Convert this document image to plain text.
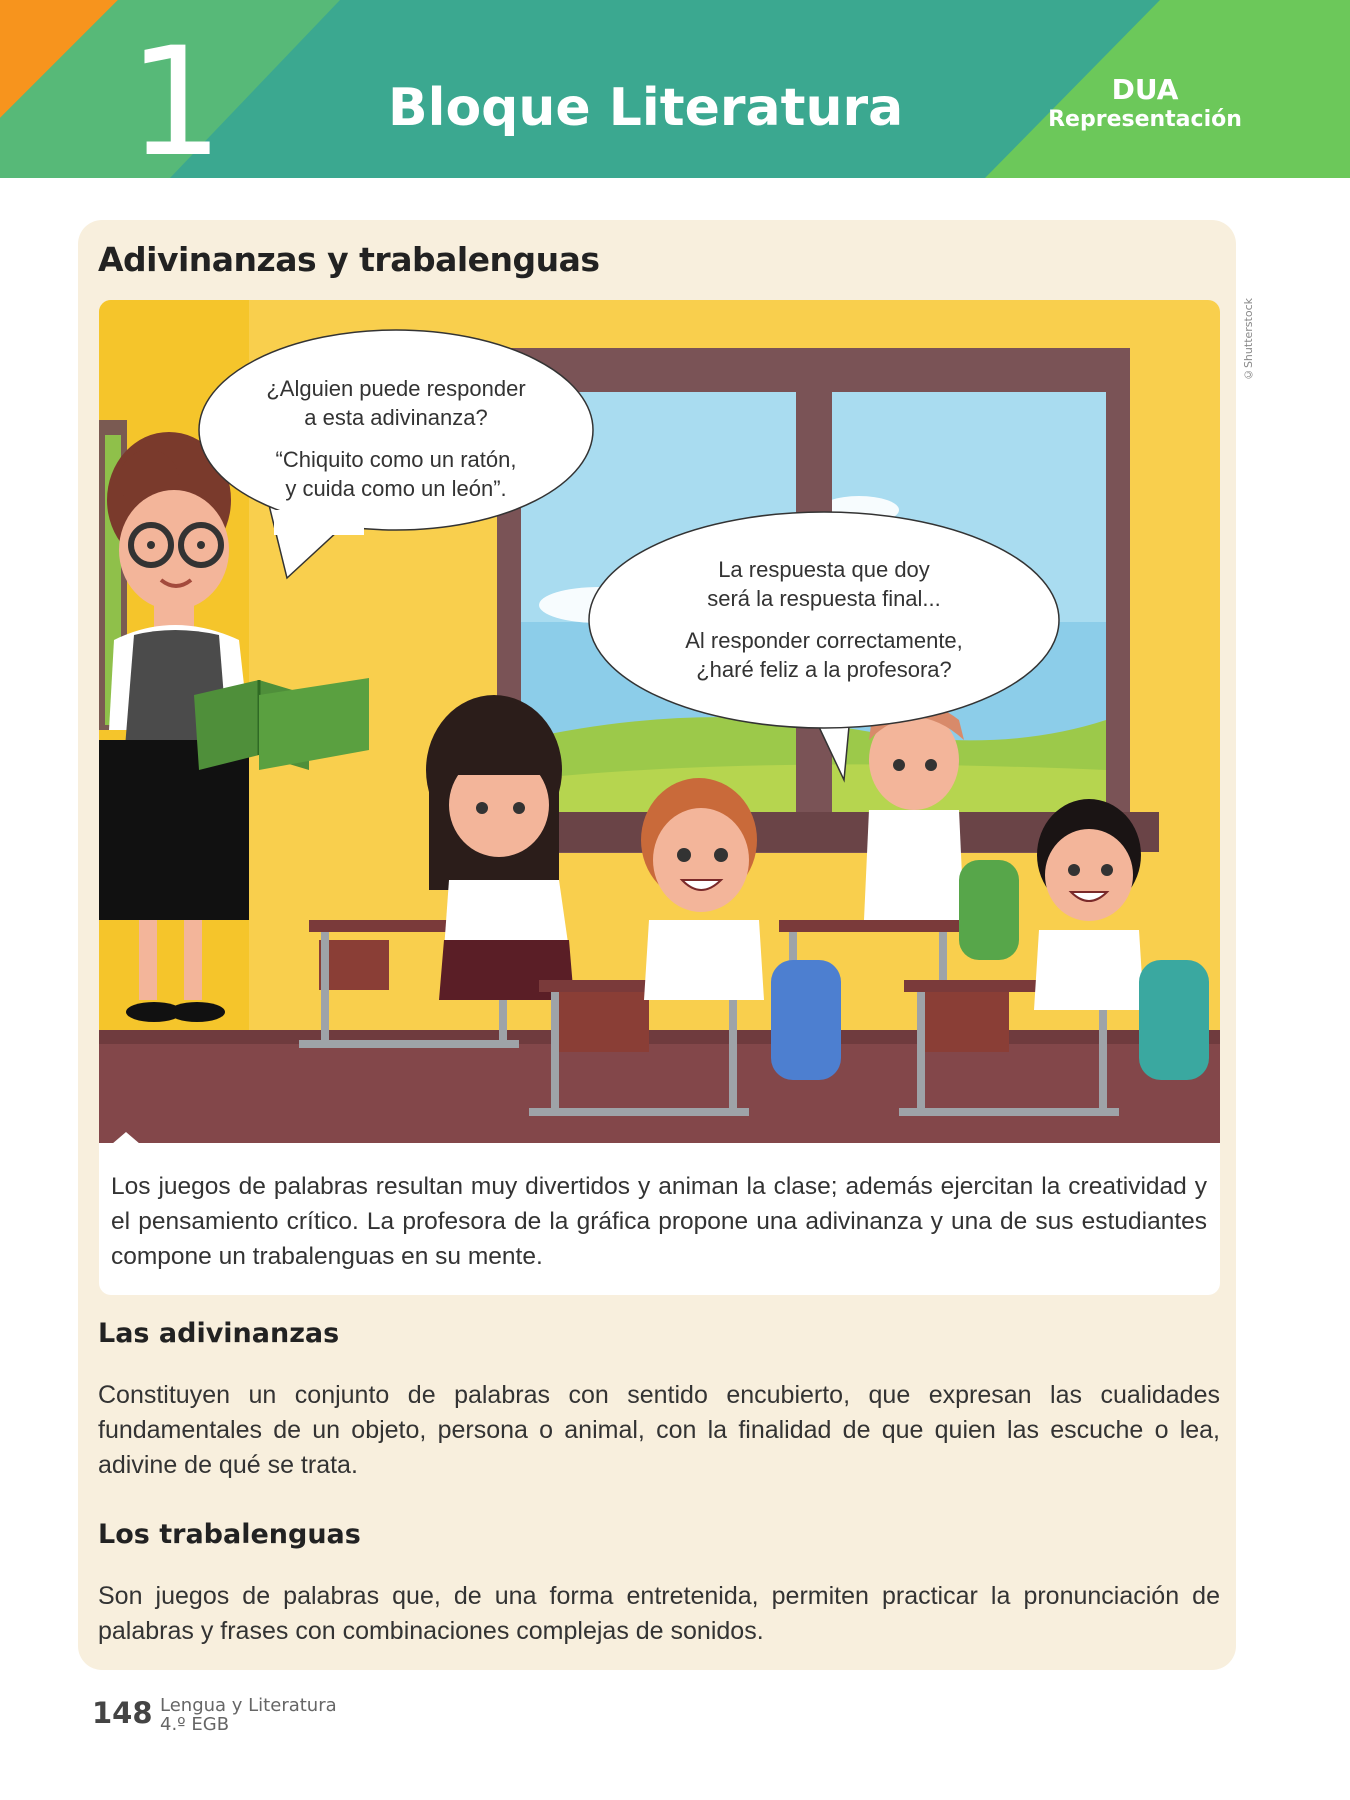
1	Bloque Literatura	DUA
Representación
Adivinanzas y trabalenguas
©Shutterstock

¿Alguien puede responder
a esta adivinanza?

“Chiquito como un ratón,
y cuida como un león”.

La respuesta que doy
será la respuesta final...

Al responder correctamente,
¿haré feliz a la profesora?

Los juegos de palabras resultan muy divertidos y animan la clase; además ejercitan la creatividad y el pensamiento crítico. La profesora de la gráfica propone una adivinanza y una de sus estudiantes compone un trabalenguas en su mente.

Las adivinanzas

Constituyen un conjunto de palabras con sentido encubierto, que expresan las cualidades fundamentales de un objeto, persona o animal, con la finalidad de que quien las escuche o lea, adivine de qué se trata.

Los trabalenguas

Son juegos de palabras que, de una forma entretenida, permiten practicar la pronunciación de palabras y frases con combinaciones complejas de sonidos.

148 Lengua y Literatura
4.º EGB
